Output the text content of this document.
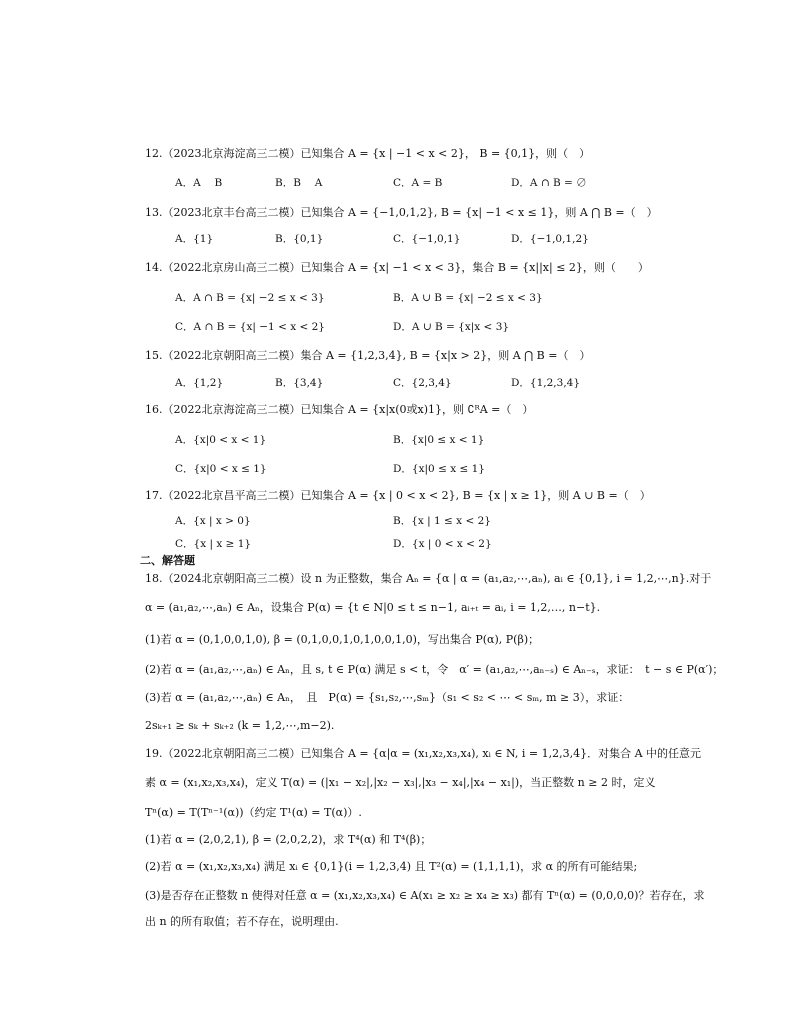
12.（2023北京海淀高三二模）已知集合 A = {x | −1 < x < 2}， B = {0,1}，则（　）
A．A　 B	B．B　 A	C．A = B	D．A ∩ B = ∅
13.（2023北京丰台高三二模）已知集合 A = {−1,0,1,2}, B = {x| −1 < x ≤ 1}，则 A ⋂ B =（　）
A．{1}	B．{0,1}	C．{−1,0,1}	D．{−1,0,1,2}
14.（2022北京房山高三二模）已知集合 A = {x| −1 < x < 3}，集合 B = {x||x| ≤ 2}，则（　　）
A．A ∩ B = {x| −2 ≤ x < 3}	B．A ∪ B = {x| −2 ≤ x < 3}
C．A ∩ B = {x| −1 < x < 2}	D．A ∪ B = {x|x < 3}
15.（2022北京朝阳高三二模）集合 A = {1,2,3,4}, B = {x|x > 2}，则 A ⋂ B =（　）
A．{1,2}	B．{3,4}	C．{2,3,4}	D．{1,2,3,4}
16.（2022北京海淀高三二模）已知集合 A = {x|x(0或x)1}，则 ∁ᴿA =（　）
A．{x|0 < x < 1}	B．{x|0 ≤ x < 1}
C．{x|0 < x ≤ 1}	D．{x|0 ≤ x ≤ 1}
17.（2022北京昌平高三二模）已知集合 A = {x | 0 < x < 2}, B = {x | x ≥ 1}，则 A ∪ B =（　）
A．{x | x > 0}	B．{x | 1 ≤ x < 2}
C．{x | x ≥ 1}	D．{x | 0 < x < 2}
二、解答题
18.（2024北京朝阳高三二模）设 n 为正整数，集合 Aₙ = {α | α = (a₁,a₂,⋯,aₙ), aᵢ ∈ {0,1}, i = 1,2,⋯,n}.对于
α = (a₁,a₂,⋯,aₙ) ∈ Aₙ，设集合 P(α) = {t ∈ N|0 ≤ t ≤ n−1, aᵢ₊ₜ = aᵢ, i = 1,2,…, n−t}.
(1)若 α = (0,1,0,0,1,0), β = (0,1,0,0,1,0,1,0,0,1,0)，写出集合 P(α), P(β)；
(2)若 α = (a₁,a₂,⋯,aₙ) ∈ Aₙ，且 s, t ∈ P(α) 满足 s < t，令　α′ = (a₁,a₂,⋯,aₙ₋ₛ) ∈ Aₙ₋ₛ，求证：　t − s ∈ P(α′)；
(3)若 α = (a₁,a₂,⋯,aₙ) ∈ Aₙ，　且　P(α) = {s₁,s₂,⋯,sₘ}（s₁ < s₂ < ⋯ < sₘ, m ≥ 3），求证：
2sₖ₊₁ ≥ sₖ + sₖ₊₂ (k = 1,2,⋯,m−2).
19.（2022北京朝阳高三二模）已知集合 A = {α|α = (x₁,x₂,x₃,x₄), xᵢ ∈ N, i = 1,2,3,4}．对集合 A 中的任意元
素 α = (x₁,x₂,x₃,x₄)，定义 T(α) = (|x₁ − x₂|,|x₂ − x₃|,|x₃ − x₄|,|x₄ − x₁|)，当正整数 n ≥ 2 时，定义
Tⁿ(α) = T(Tⁿ⁻¹(α))（约定 T¹(α) = T(α)）.
(1)若 α = (2,0,2,1), β = (2,0,2,2)，求 T⁴(α) 和 T⁴(β)；
(2)若 α = (x₁,x₂,x₃,x₄) 满足 xᵢ ∈ {0,1}(i = 1,2,3,4) 且 T²(α) = (1,1,1,1)，求 α 的所有可能结果;
(3)是否存在正整数 n 使得对任意 α = (x₁,x₂,x₃,x₄) ∈ A(x₁ ≥ x₂ ≥ x₄ ≥ x₃) 都有 Tⁿ(α) = (0,0,0,0)？若存在，求
出 n 的所有取值；若不存在，说明理由.
